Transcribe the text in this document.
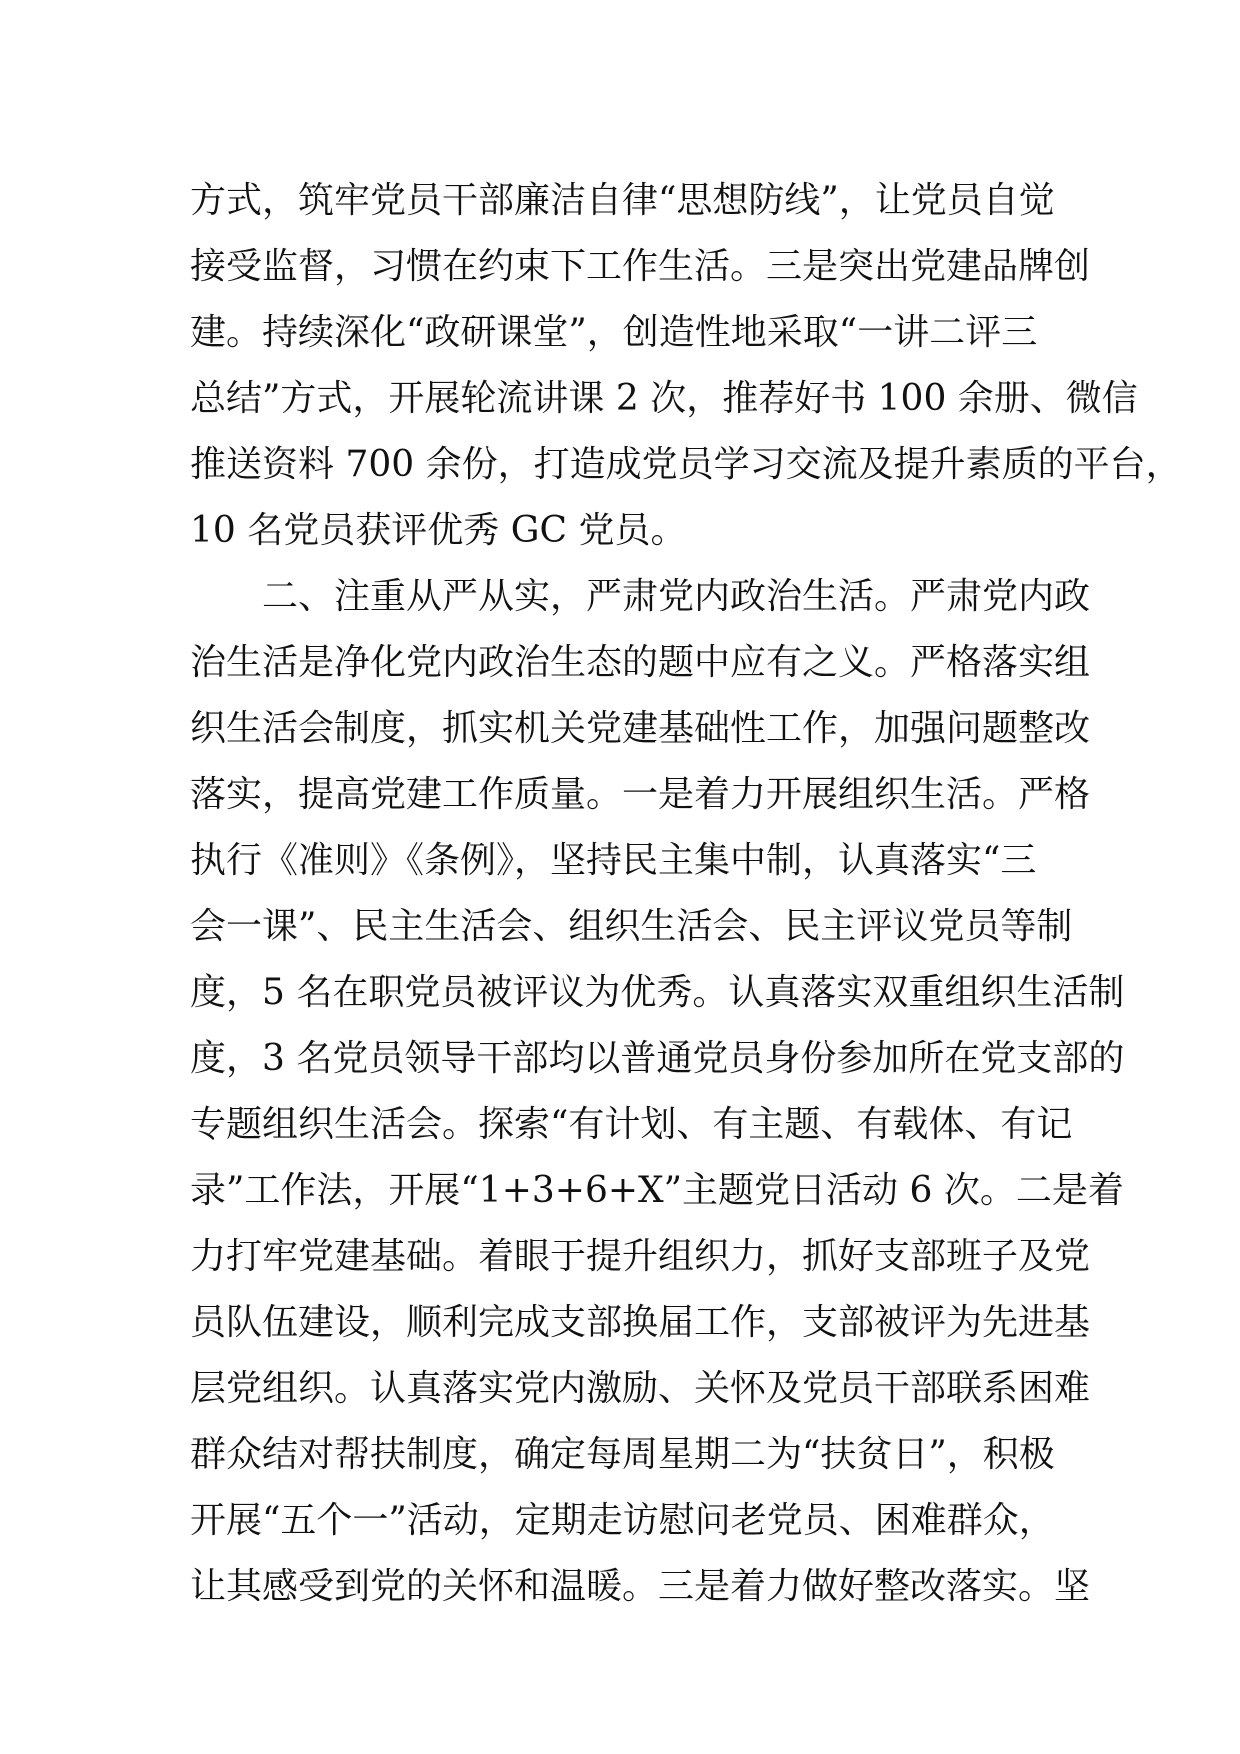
方式，筑牢党员干部廉洁自律“思想防线”，让党员自觉
接受监督，习惯在约束下工作生活。三是突出党建品牌创
建。持续深化“政研课堂”，创造性地采取“一讲二评三
总结”方式，开展轮流讲课 2 次，推荐好书 100 余册、微信
推送资料 700 余份，打造成党员学习交流及提升素质的平台，
10 名党员获评优秀 GC 党员。
　　二、注重从严从实，严肃党内政治生活。严肃党内政
治生活是净化党内政治生态的题中应有之义。严格落实组
织生活会制度，抓实机关党建基础性工作，加强问题整改
落实，提高党建工作质量。一是着力开展组织生活。严格
执行《准则》《条例》，坚持民主集中制，认真落实“三
会一课”、民主生活会、组织生活会、民主评议党员等制
度，5 名在职党员被评议为优秀。认真落实双重组织生活制
度，3 名党员领导干部均以普通党员身份参加所在党支部的
专题组织生活会。探索“有计划、有主题、有载体、有记
录”工作法，开展“1+3+6+X”主题党日活动 6 次。二是着
力打牢党建基础。着眼于提升组织力，抓好支部班子及党
员队伍建设，顺利完成支部换届工作，支部被评为先进基
层党组织。认真落实党内激励、关怀及党员干部联系困难
群众结对帮扶制度，确定每周星期二为“扶贫日”，积极
开展“五个一”活动，定期走访慰问老党员、困难群众，
让其感受到党的关怀和温暖。三是着力做好整改落实。坚
